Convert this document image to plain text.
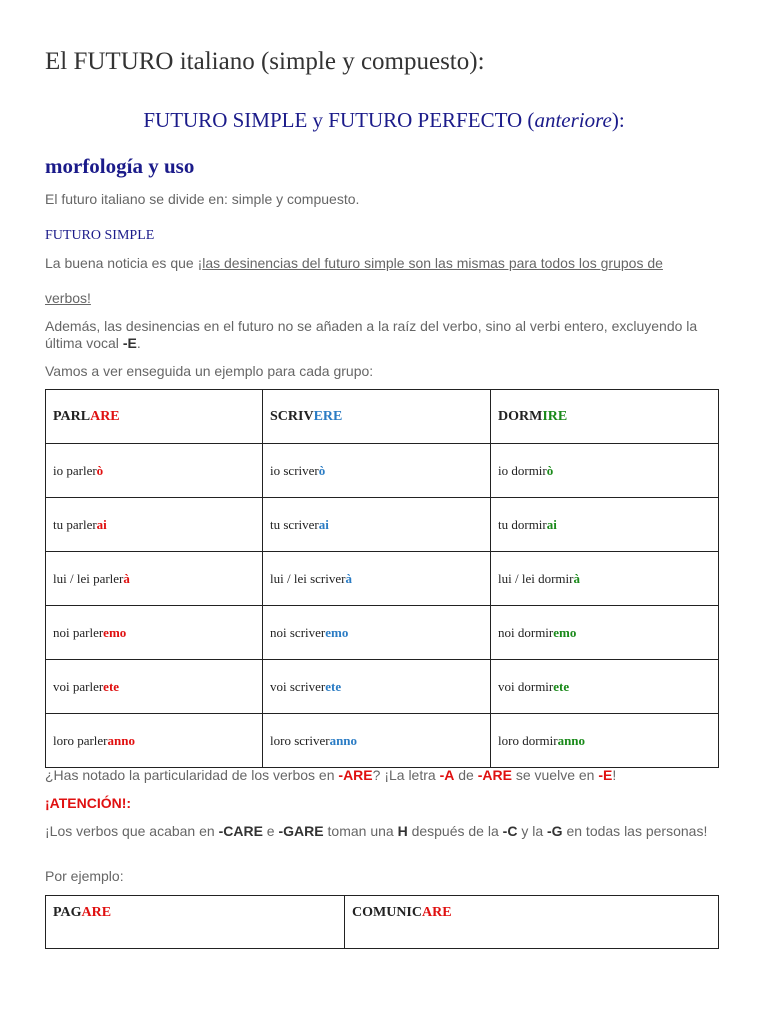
El FUTURO italiano (simple y compuesto):
FUTURO SIMPLE y FUTURO PERFECTO (anteriore):
morfología y uso
El futuro italiano se divide en: simple y compuesto.
FUTURO SIMPLE
La buena noticia es que ¡las desinencias del futuro simple son las mismas para todos los grupos de
verbos!
Además, las desinencias en el futuro no se añaden a la raíz del verbo, sino al verbi entero, excluyendo la última vocal -E.
Vamos a ver enseguida un ejemplo para cada grupo:
PARLARE	SCRIVERE	DORMIRE
io parlerò	io scriverò	io dormirò
tu parlerai	tu scriverai	tu dormirai
lui / lei parlerà	lui / lei scriverà	lui / lei dormirà
noi parleremo	noi scriveremo	noi dormiremo
voi parlerete	voi scriverete	voi dormirete
loro parleranno	loro scriveranno	loro dormiranno
¿Has notado la particularidad de los verbos en -ARE? ¡La letra -A de -ARE se vuelve en -E!
¡ATENCIÓN!:
¡Los verbos que acaban en -CARE e -GARE toman una H después de la -C y la -G en todas las personas!
Por ejemplo:
PAGARE	COMUNICARE
